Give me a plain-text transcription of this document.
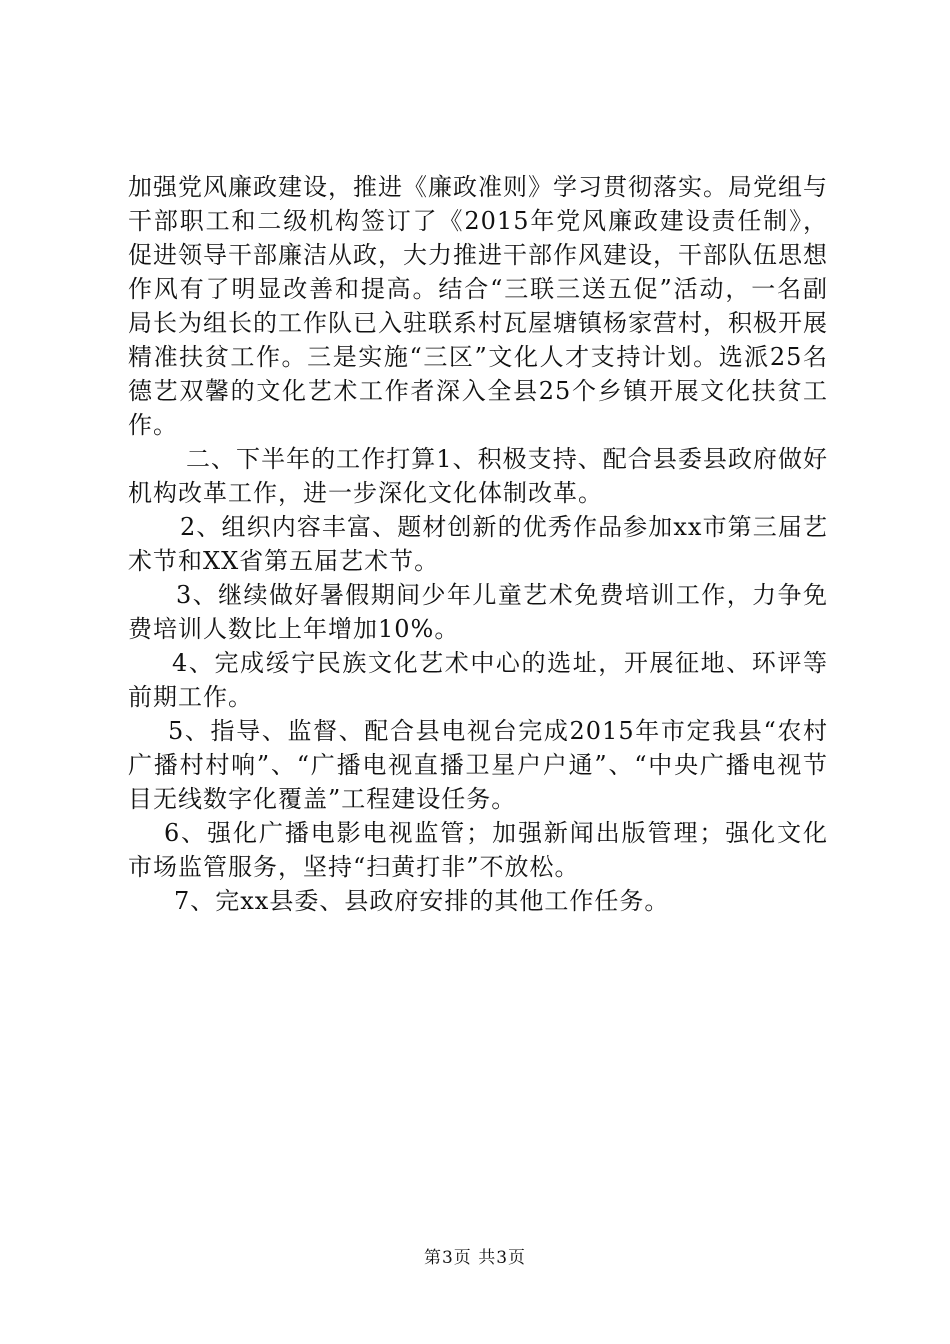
加强党风廉政建设，推进《廉政准则》学习贯彻落实。局党组与干部职工和二级机构签订了《2015年党风廉政建设责任制》，促进领导干部廉洁从政，大力推进干部作风建设，干部队伍思想作风有了明显改善和提高。结合“三联三送五促”活动，一名副局长为组长的工作队已入驻联系村瓦屋塘镇杨家营村，积极开展精准扶贫工作。三是实施“三区”文化人才支持计划。选派25名德艺双馨的文化艺术工作者深入全县25个乡镇开展文化扶贫工作。

二、下半年的工作打算1、积极支持、配合县委县政府做好机构改革工作，进一步深化文化体制改革。

2、组织内容丰富、题材创新的优秀作品参加xx市第三届艺术节和XX省第五届艺术节。

3、继续做好暑假期间少年儿童艺术免费培训工作，力争免费培训人数比上年增加10%。

4、完成绥宁民族文化艺术中心的选址，开展征地、环评等前期工作。

5、指导、监督、配合县电视台完成2015年市定我县“农村广播村村响”、“广播电视直播卫星户户通”、“中央广播电视节目无线数字化覆盖”工程建设任务。

6、强化广播电影电视监管；加强新闻出版管理；强化文化市场监管服务，坚持“扫黄打非”不放松。

7、完xx县委、县政府安排的其他工作任务。

第3页 共3页
